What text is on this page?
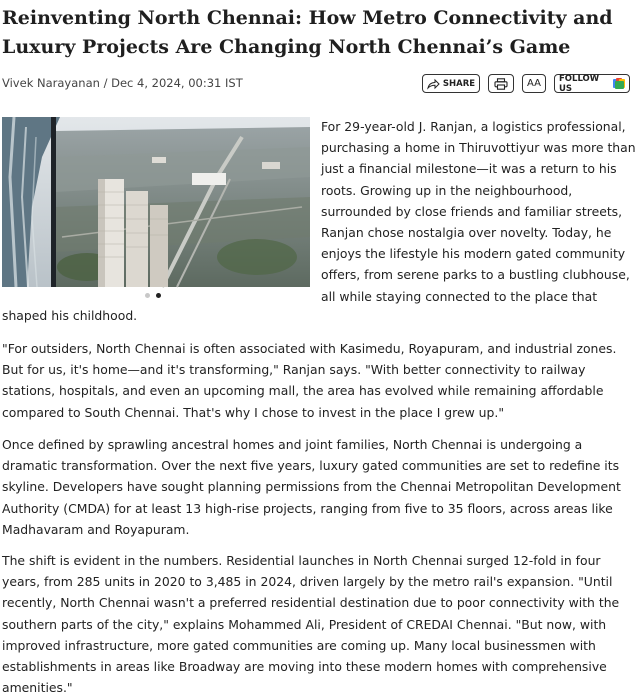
Reinventing North Chennai: How Metro Connectivity and Luxury Projects Are Changing North Chennai’s Game
Vivek Narayanan / Dec 4, 2024, 00:31 IST	SHARE	AA	FOLLOW US
For 29-year-old J. Ranjan, a logistics professional,
purchasing a home in Thiruvottiyur was more than
just a financial milestone—it was a return to his
roots. Growing up in the neighbourhood,
surrounded by close friends and familiar streets,
Ranjan chose nostalgia over novelty. Today, he
enjoys the lifestyle his modern gated community
offers, from serene parks to a bustling clubhouse,
all while staying connected to the place that
shaped his childhood.

"For outsiders, North Chennai is often associated with Kasimedu, Royapuram, and industrial zones. But for us, it's home—and it's transforming," Ranjan says. "With better connectivity to railway stations, hospitals, and even an upcoming mall, the area has evolved while remaining affordable compared to South Chennai. That's why I chose to invest in the place I grew up."

Once defined by sprawling ancestral homes and joint families, North Chennai is undergoing a dramatic transformation. Over the next five years, luxury gated communities are set to redefine its skyline. Developers have sought planning permissions from the Chennai Metropolitan Development Authority (CMDA) for at least 13 high-rise projects, ranging from five to 35 floors, across areas like Madhavaram and Royapuram.

The shift is evident in the numbers. Residential launches in North Chennai surged 12-fold in four years, from 285 units in 2020 to 3,485 in 2024, driven largely by the metro rail's expansion. "Until recently, North Chennai wasn't a preferred residential destination due to poor connectivity with the southern parts of the city," explains Mohammed Ali, President of CREDAI Chennai. "But now, with improved infrastructure, more gated communities are coming up. Many local businessmen with establishments in areas like Broadway are moving into these modern homes with comprehensive amenities."
